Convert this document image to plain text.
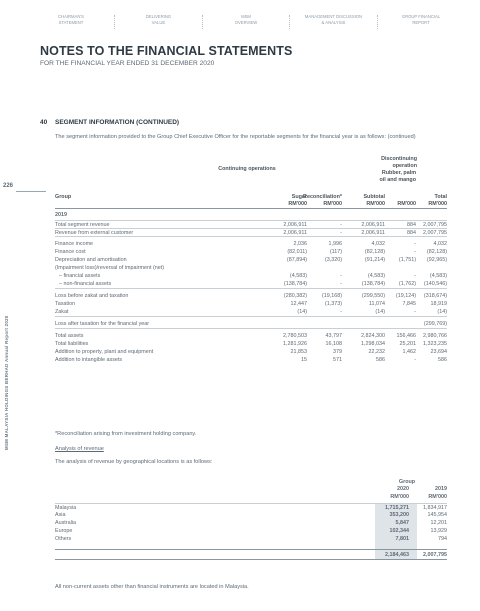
CHAIRMAN'S
STATEMENT
DELIVERING
VALUE
MSM
OVERVIEW
MANAGEMENT DISCUSSION
& ANALYSIS
GROUP FINANCIAL
REPORT
NOTES TO THE FINANCIAL STATEMENTS
FOR THE FINANCIAL YEAR ENDED 31 DECEMBER 2020
226
MSM MALAYSIA HOLDINGS BERHAD Annual Report 2020
40 SEGMENT INFORMATION (CONTINUED)
The segment information provided to the Group Chief Executive Officer for the reportable segments for the financial year is as follows: (continued)
Continuing operations
Discontinuing operation
Rubber, palm oil and mango
Group	Sugar
Reconciliation*	Subtotal	Total
RM'000	RM'000	RM'000 RM'000 RM'000
2019
Total segment revenue	2,006,911	-	2,006,911	884 2,007,795
Revenue from external customer	2,006,911	-	2,006,911	884 2,007,795
Finance income	2,036	1,996	4,032	-	4,032
Finance cost	(82,011)	(117)	(82,128)	- (82,128)
Depreciation and amortisation	(87,894)	(3,320)	(91,214)	(1,751) (92,965)
(Impairment loss)/reversal of impairment (net)
– financial assets	(4,583)	-	(4,583)	-	(4,583)
– non-financial assets	(138,784)	-	(138,784)	(1,762) (140,546)
Loss before zakat and taxation	(280,382)	(19,168)	(299,550) (19,124) (318,674)
Taxation	12,447	(1,373)	11,074	7,845	18,919
Zakat	(14)	-	(14)	-	(14)
Loss after taxation for the financial year	(299,769)
Total assets	2,780,503	43,797	2,824,300 156,466 2,980,766
Total liabilities	1,281,926	16,108	1,298,034	25,201 1,323,235
Addition to property, plant and equipment	21,853	379	22,232	1,462	23,694
Addition to intangible assets	15	571	586	-	586
*Reconciliation arising from investment holding company.
Analysis of revenue
The analysis of revenue by geographical locations is as follows:
Group
2020	2019
RM'000	RM'000
Malaysia	1,715,271	1,834,917
Asia	353,200	145,954
Australia	5,847	12,201
Europe	102,344	13,929
Others	7,801	794
2,184,463	2,007,795
All non-current assets other than financial instruments are located in Malaysia.
